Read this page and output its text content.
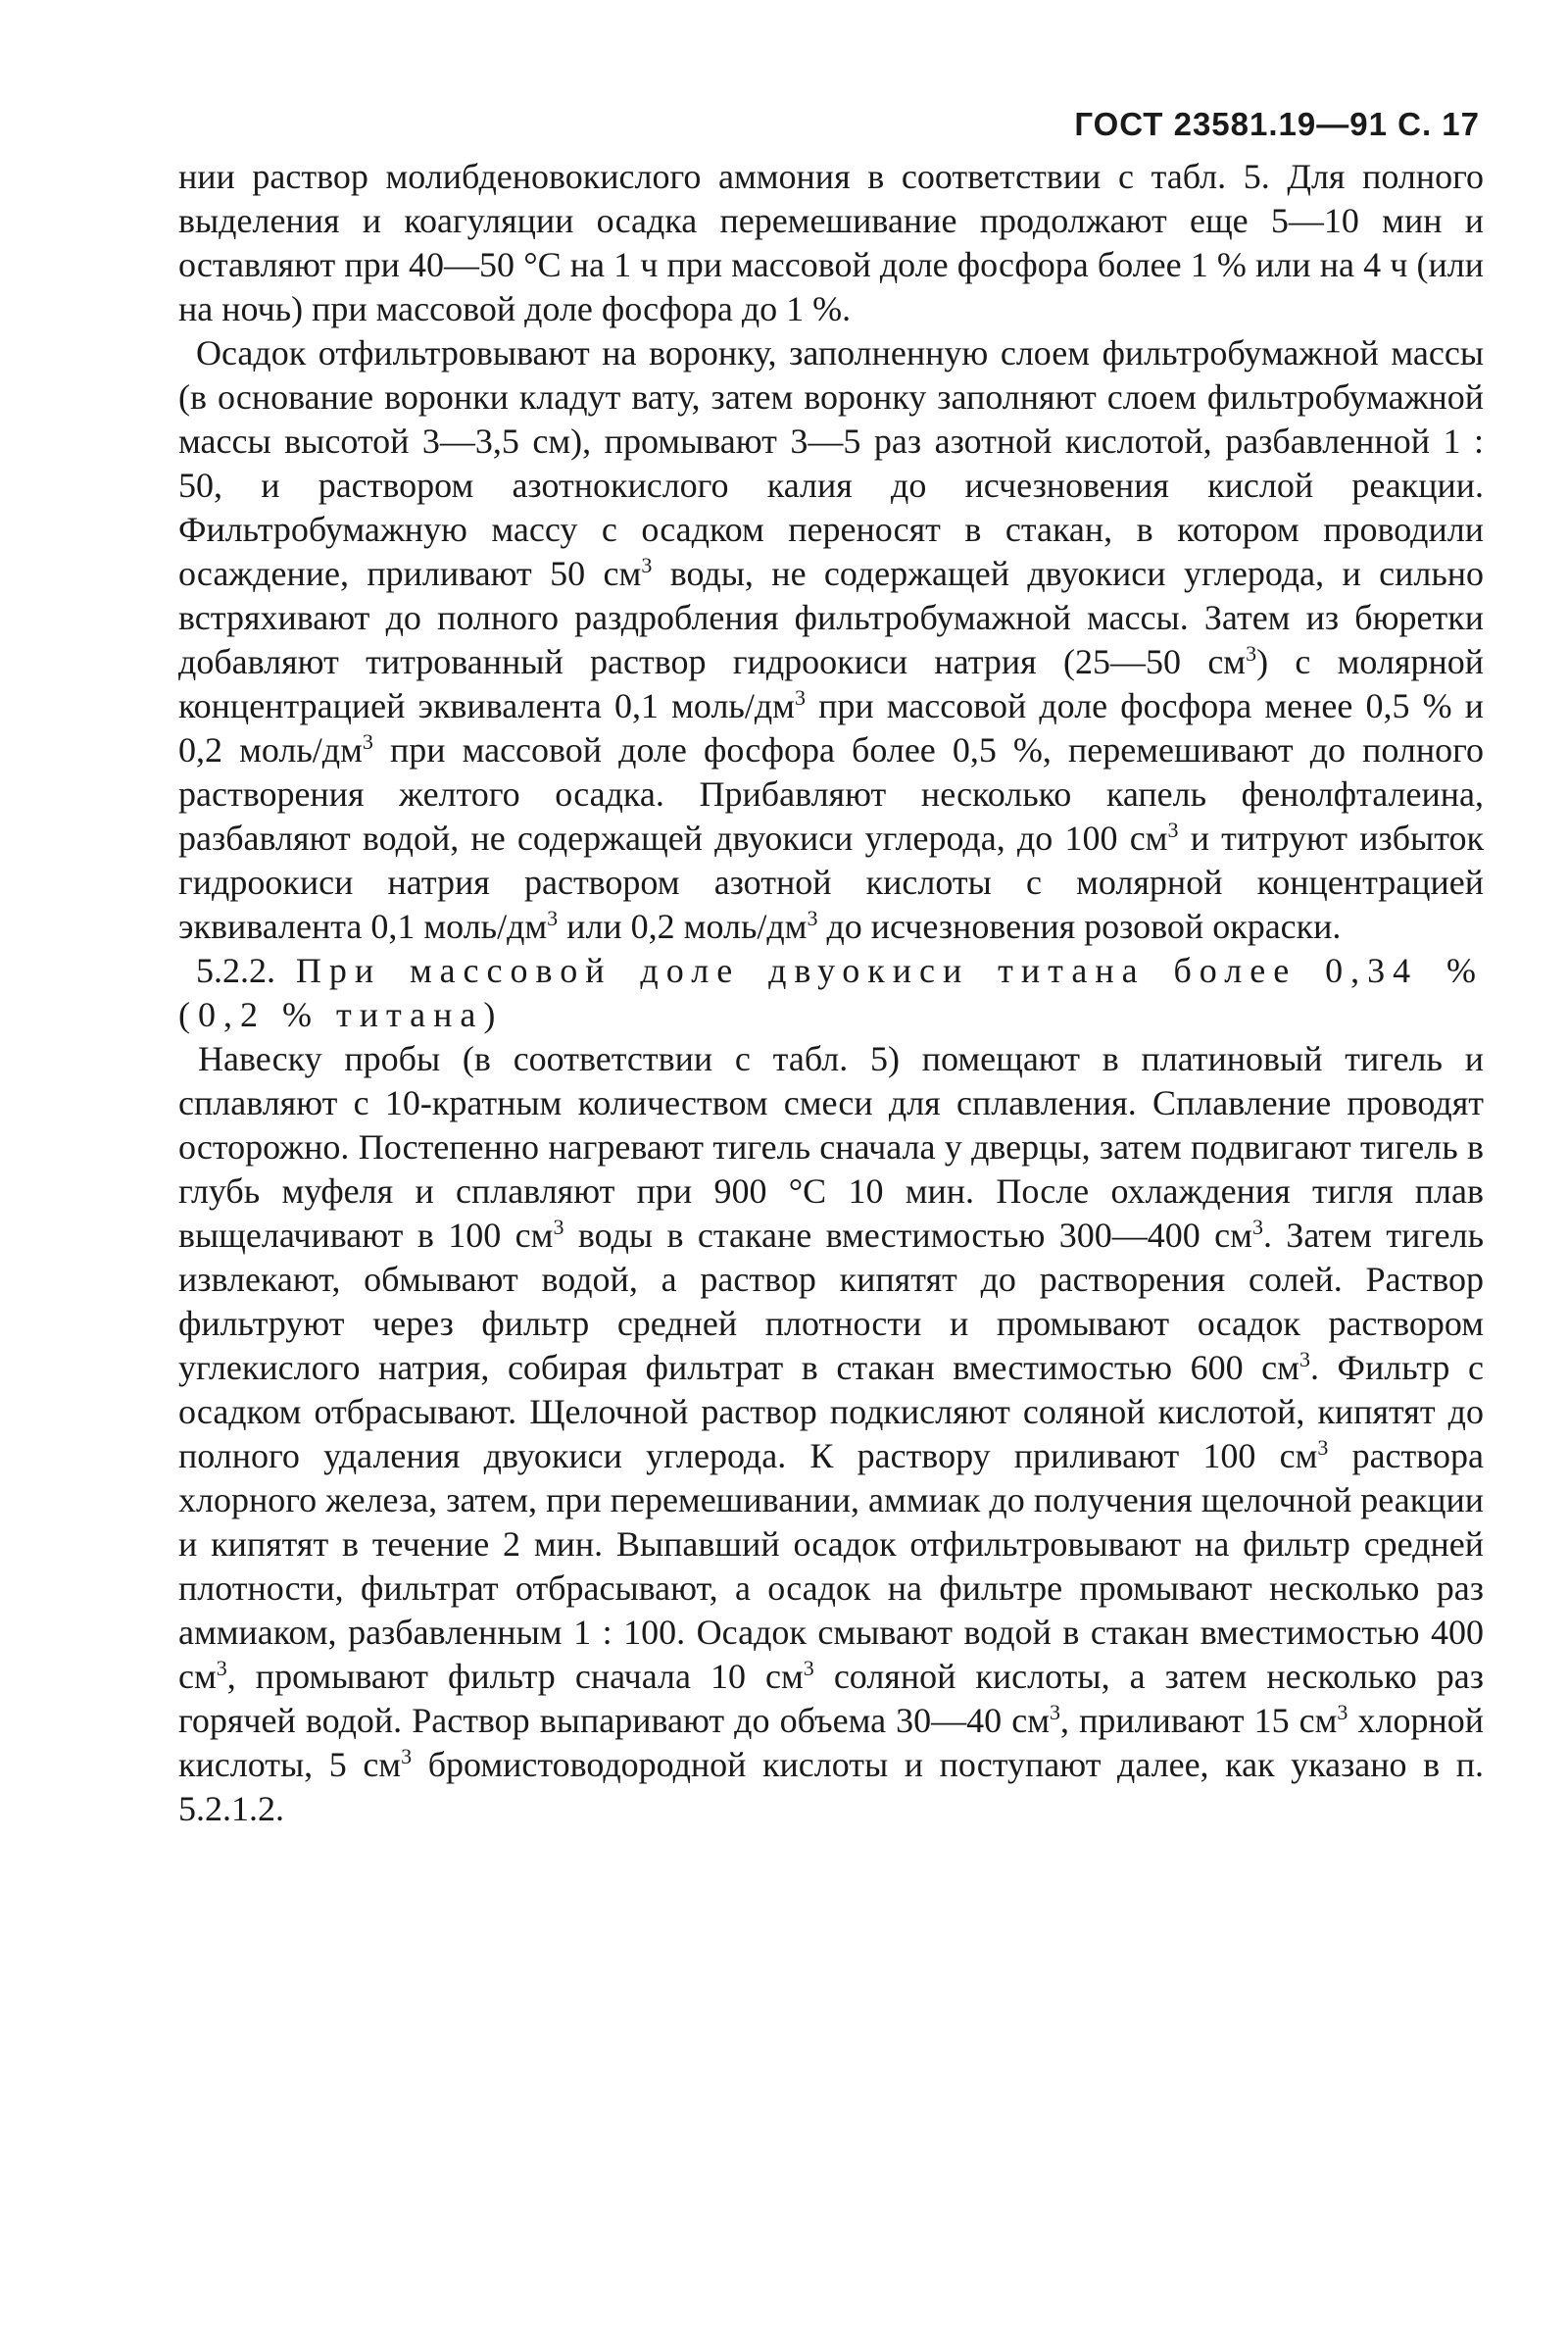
ГОСТ 23581.19—91 С. 17

нии раствор молибденовокислого аммония в соответствии с табл. 5. Для полного выделения и коагуляции осадка перемешивание продолжают еще 5—10 мин и оставляют при 40—50 °С на 1 ч при массовой доле фосфора более 1 % или на 4 ч (или на ночь) при массовой доле фосфора до 1 %.

Осадок отфильтровывают на воронку, заполненную слоем фильтробумажной массы (в основание воронки кладут вату, затем воронку заполняют слоем фильтробумажной массы высотой 3—3,5 см), промывают 3—5 раз азотной кислотой, разбавленной 1 : 50, и раствором азотнокислого калия до исчезновения кислой реакции. Фильтробумажную массу с осадком переносят в стакан, в котором проводили осаждение, приливают 50 $см^3$ воды, не содержащей двуокиси углерода, и сильно встряхивают до полного раздробления фильтробумажной массы. Затем из бюретки добавляют титрованный раствор гидроокиси натрия (25—50 $см^3$) с молярной концентрацией эквивалента 0,1 моль/$дм^3$ при массовой доле фосфора менее 0,5 % и 0,2 моль/$дм^3$ при массовой доле фосфора более 0,5 %, перемешивают до полного растворения желтого осадка. Прибавляют несколько капель фенолфталеина, разбавляют водой, не содержащей двуокиси углерода, до 100 $см^3$ и титруют избыток гидроокиси натрия раствором азотной кислоты с молярной концентрацией эквивалента 0,1 моль/$дм^3$ или 0,2 моль/$дм^3$ до исчезновения розовой окраски.

5.2.2. При массовой доле двуокиси титана более 0,34 % (0,2 % титана)

Навеску пробы (в соответствии с табл. 5) помещают в платиновый тигель и сплавляют с 10-кратным количеством смеси для сплавления. Сплавление проводят осторожно. Постепенно нагревают тигель сначала у дверцы, затем подвигают тигель в глубь муфеля и сплавляют при 900 °С 10 мин. После охлаждения тигля плав выщелачивают в 100 $см^3$ воды в стакане вместимостью 300—400 $см^3$. Затем тигель извлекают, обмывают водой, а раствор кипятят до растворения солей. Раствор фильтруют через фильтр средней плотности и промывают осадок раствором углекислого натрия, собирая фильтрат в стакан вместимостью 600 $см^3$. Фильтр с осадком отбрасывают. Щелочной раствор подкисляют соляной кислотой, кипятят до полного удаления двуокиси углерода. К раствору приливают 100 $см^3$ раствора хлорного железа, затем, при перемешивании, аммиак до получения щелочной реакции и кипятят в течение 2 мин. Выпавший осадок отфильтровывают на фильтр средней плотности, фильтрат отбрасывают, а осадок на фильтре промывают несколько раз аммиаком, разбавленным 1 : 100. Осадок смывают водой в стакан вместимостью 400 $см^3$, промывают фильтр сначала 10 $см^3$ соляной кислоты, а затем несколько раз горячей водой. Раствор выпаривают до объема 30—40 $см^3$, приливают 15 $см^3$ хлорной кислоты, 5 $см^3$ бромистоводородной кислоты и поступают далее, как указано в п. 5.2.1.2.
